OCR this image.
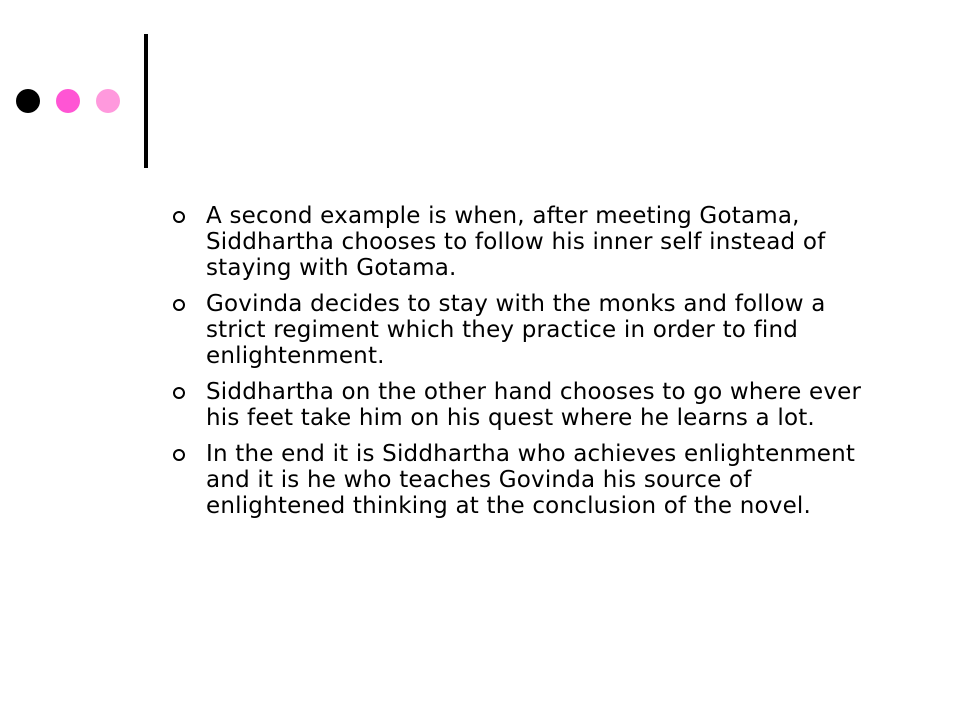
A second example is when, after meeting Gotama, Siddhartha chooses to follow his inner self instead of staying with Gotama.
Govinda decides to stay with the monks and follow a strict regiment which they practice in order to find enlightenment.
Siddhartha on the other hand chooses to go where ever his feet take him on his quest where he learns a lot.
In the end it is Siddhartha who achieves enlightenment and it is he who teaches Govinda his source of enlightened thinking at the conclusion of the novel.
